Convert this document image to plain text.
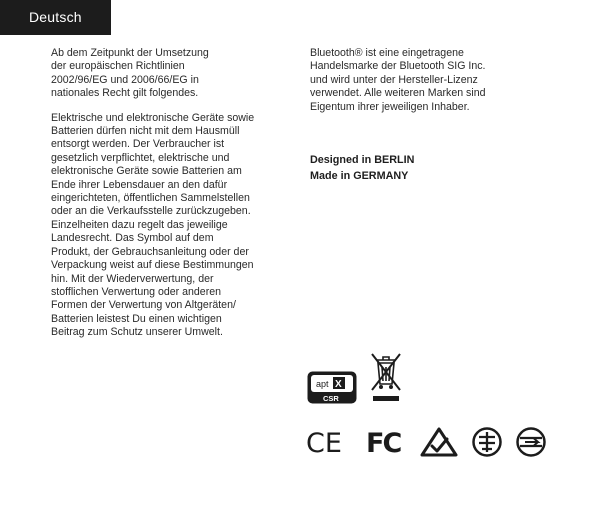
Deutsch

Ab dem Zeitpunkt der Umsetzung
der europäischen Richtlinien
2002/96/EG und 2006/66/EG in
nationales Recht gilt folgendes.

Elektrische und elektronische Geräte sowie
Batterien dürfen nicht mit dem Hausmüll
entsorgt werden. Der Verbraucher ist
gesetzlich verpflichtet, elektrische und
elektronische Geräte sowie Batterien am
Ende ihrer Lebensdauer an den dafür
eingerichteten, öffentlichen Sammelstellen
oder an die Verkaufsstelle zurückzugeben.
Einzelheiten dazu regelt das jeweilige
Landesrecht. Das Symbol auf dem
Produkt, der Gebrauchsanleitung oder der
Verpackung weist auf diese Bestimmungen
hin. Mit der Wiederverwertung, der
stofflichen Verwertung oder anderen
Formen der Verwertung von Altgeräten/
Batterien leistest Du einen wichtigen
Beitrag zum Schutz unserer Umwelt.

Bluetooth® ist eine eingetragene
Handelsmarke der Bluetooth SIG Inc.
und wird unter der Hersteller-Lizenz
verwendet. Alle weiteren Marken sind
Eigentum ihrer jeweiligen Inhaber.

Designed in BERLIN
Made in GERMANY
apt X
CSR
CE FC
